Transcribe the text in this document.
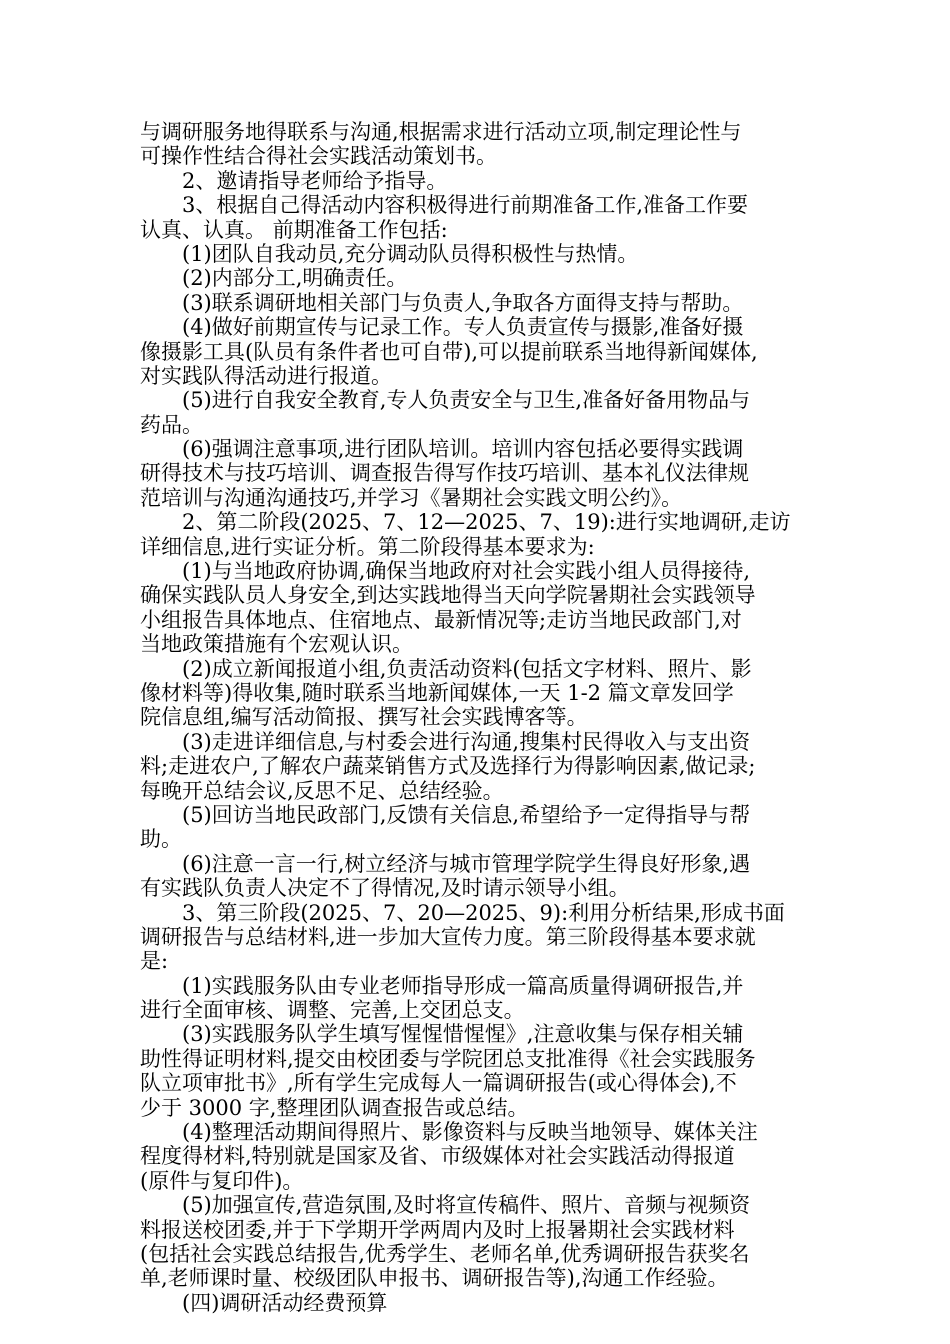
与调研服务地得联系与沟通,根据需求进行活动立项,制定理论性与
可操作性结合得社会实践活动策划书。
　　2、邀请指导老师给予指导。
　　3、根据自己得活动内容积极得进行前期准备工作,准备工作要
认真、认真。 前期准备工作包括:
　　(1)团队自我动员,充分调动队员得积极性与热情。
　　(2)内部分工,明确责任。
　　(3)联系调研地相关部门与负责人,争取各方面得支持与帮助。
　　(4)做好前期宣传与记录工作。专人负责宣传与摄影,准备好摄
像摄影工具(队员有条件者也可自带),可以提前联系当地得新闻媒体,
对实践队得活动进行报道。
　　(5)进行自我安全教育,专人负责安全与卫生,准备好备用物品与
药品。
　　(6)强调注意事项,进行团队培训。培训内容包括必要得实践调
研得技术与技巧培训、调查报告得写作技巧培训、基本礼仪法律规
范培训与沟通沟通技巧,并学习《暑期社会实践文明公约》。
　　2、第二阶段(2025、7、12—2025、7、19):进行实地调研,走访
详细信息,进行实证分析。第二阶段得基本要求为:
　　(1)与当地政府协调,确保当地政府对社会实践小组人员得接待,
确保实践队员人身安全,到达实践地得当天向学院暑期社会实践领导
小组报告具体地点、住宿地点、最新情况等;走访当地民政部门,对
当地政策措施有个宏观认识。
　　(2)成立新闻报道小组,负责活动资料(包括文字材料、照片、影
像材料等)得收集,随时联系当地新闻媒体,一天 1-2 篇文章发回学
院信息组,编写活动简报、撰写社会实践博客等。
　　(3)走进详细信息,与村委会进行沟通,搜集村民得收入与支出资
料;走进农户,了解农户蔬菜销售方式及选择行为得影响因素,做记录;
每晚开总结会议,反思不足、总结经验。
　　(5)回访当地民政部门,反馈有关信息,希望给予一定得指导与帮
助。
　　(6)注意一言一行,树立经济与城市管理学院学生得良好形象,遇
有实践队负责人决定不了得情况,及时请示领导小组。
　　3、第三阶段(2025、7、20—2025、9):利用分析结果,形成书面
调研报告与总结材料,进一步加大宣传力度。第三阶段得基本要求就
是:
　　(1)实践服务队由专业老师指导形成一篇高质量得调研报告,并
进行全面审核、调整、完善,上交团总支。
　　(3)实践服务队学生填写惺惺惜惺惺》,注意收集与保存相关辅
助性得证明材料,提交由校团委与学院团总支批准得《社会实践服务
队立项审批书》,所有学生完成每人一篇调研报告(或心得体会),不
少于 3000 字,整理团队调查报告或总结。
　　(4)整理活动期间得照片、影像资料与反映当地领导、媒体关注
程度得材料,特别就是国家及省、市级媒体对社会实践活动得报道
(原件与复印件)。
　　(5)加强宣传,营造氛围,及时将宣传稿件、照片、音频与视频资
料报送校团委,并于下学期开学两周内及时上报暑期社会实践材料
(包括社会实践总结报告,优秀学生、老师名单,优秀调研报告获奖名
单,老师课时量、校级团队申报书、调研报告等),沟通工作经验。
　　(四)调研活动经费预算
